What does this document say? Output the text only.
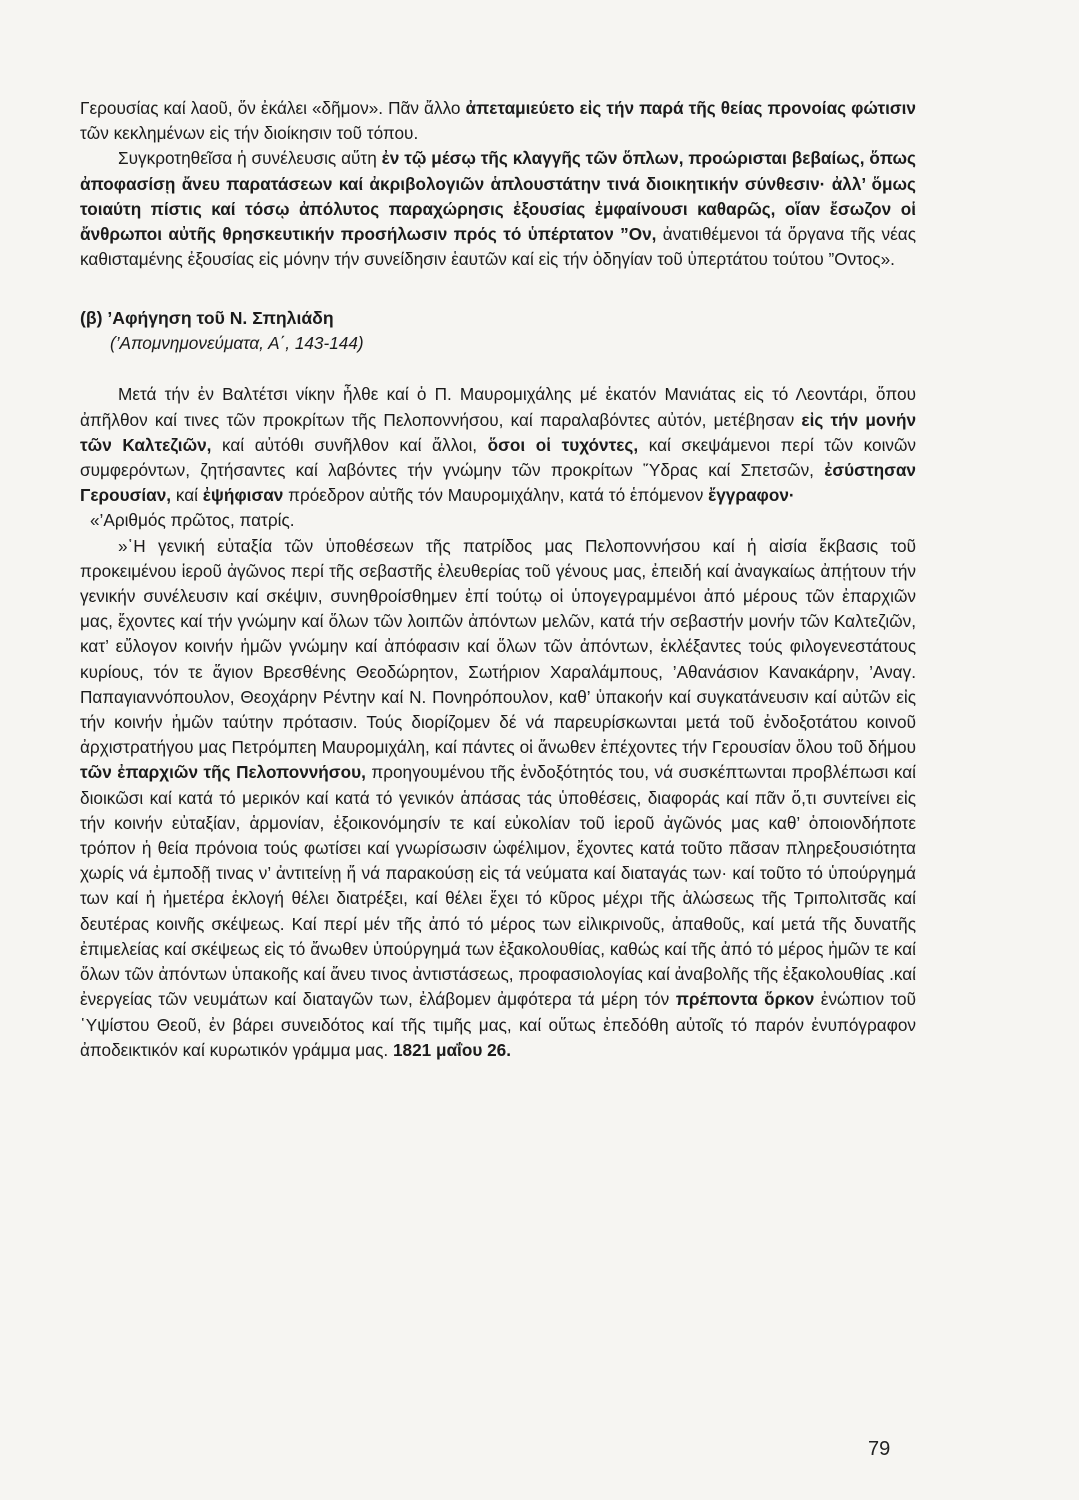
Γερουσίας καί λαοῦ, ὅν ἐκάλει «δῆμον». Πᾶν ἄλλο ἀπεταμιεύετο εἰς τήν παρά τῆς θείας προνοίας φώτισιν τῶν κεκλημένων εἰς τήν διοίκησιν τοῦ τόπου.

Συγκροτηθεῖσα ἡ συνέλευσις αὕτη ἐν τῷ μέσῳ τῆς κλαγγῆς τῶν ὅπλων, προώρισται βεβαίως, ὅπως ἀποφασίσῃ ἄνευ παρατάσεων καί ἀκριβολογιῶν ἁπλουστάτην τινά διοικητικήν σύνθεσιν· ἀλλ’ ὅμως τοιαύτη πίστις καί τόσῳ ἀπόλυτος παραχώρησις ἐξουσίας ἐμφαίνουσι καθαρῶς, οἵαν ἔσωζον οἱ ἄνθρωποι αὐτῆς θρησκευτικήν προσήλωσιν πρός τό ὑπέρτατον ”Ον, ἀνατιθέμενοι τά ὄργανα τῆς νέας καθισταμένης ἐξουσίας εἰς μόνην τήν συνείδησιν ἑαυτῶν καί εἰς τήν ὁδηγίαν τοῦ ὑπερτάτου τούτου ”Οντος».

(β) ’Αφήγηση τοῦ Ν. Σπηλιάδη

(’Απομνημονεύματα, Α΄, 143-144)

Μετά τήν ἐν Βαλτέτσι νίκην ἦλθε καί ὁ Π. Μαυρομιχάλης μέ ἑκατόν Μανιάτας εἰς τό Λεοντάρι, ὅπου ἀπῆλθον καί τινες τῶν προκρίτων τῆς Πελοποννήσου, καί παραλαβόντες αὐτόν, μετέβησαν εἰς τήν μονήν τῶν Καλτεζιῶν, καί αὐτόθι συνῆλθον καί ἄλλοι, ὅσοι οἱ τυχόντες, καί σκεψάμενοι περί τῶν κοινῶν συμφερόντων, ζητήσαντες καί λαβόντες τήν γνώμην τῶν προκρίτων ῞Υδρας καί Σπετσῶν, ἐσύστησαν Γερουσίαν, καί ἐψήφισαν πρόεδρον αὐτῆς τόν Μαυρομιχάλην, κατά τό ἑπόμενον ἔγγραφον·

«’Αριθμός πρῶτος, πατρίς.

»῾Η γενική εὐταξία τῶν ὑποθέσεων τῆς πατρίδος μας Πελοποννήσου καί ἡ αἰσία ἔκβασις τοῦ προκειμένου ἱεροῦ ἀγῶνος περί τῆς σεβαστῆς ἐλευθερίας τοῦ γένους μας, ἐπειδή καί ἀναγκαίως ἀπῄτουν τήν γενικήν συνέλευσιν καί σκέψιν, συνηθροίσθημεν ἐπί τούτῳ οἱ ὑπογεγραμμένοι ἀπό μέρους τῶν ἐπαρχιῶν μας, ἔχοντες καί τήν γνώμην καί ὅλων τῶν λοιπῶν ἀπόντων μελῶν, κατά τήν σεβαστήν μονήν τῶν Καλτεζιῶν, κατ’ εὔλογον κοινήν ἡμῶν γνώμην καί ἀπόφασιν καί ὅλων τῶν ἀπόντων, ἐκλέξαντες τούς φιλογενεστάτους κυρίους, τόν τε ἅγιον Βρεσθένης Θεοδώρητον, Σωτήριον Χαραλάμπους, ’Αθανάσιον Κανακάρην, ’Αναγ. Παπαγιαννόπουλον, Θεοχάρην Ρέντην καί Ν. Πονηρόπουλον, καθ’ ὑπακοήν καί συγκατάνευσιν καί αὐτῶν εἰς τήν κοινήν ἡμῶν ταύτην πρότασιν. Τούς διορίζομεν δέ νά παρευρίσκωνται μετά τοῦ ἐνδοξοτάτου κοινοῦ ἀρχιστρατήγου μας Πετρόμπεη Μαυρομιχάλη, καί πάντες οἱ ἄνωθεν ἐπέχοντες τήν Γερουσίαν ὅλου τοῦ δήμου τῶν ἐπαρχιῶν τῆς Πελοποννήσου, προηγουμένου τῆς ἐνδοξότητός του, νά συσκέπτωνται προβλέπωσι καί διοικῶσι καί κατά τό μερικόν καί κατά τό γενικόν ἁπάσας τάς ὑποθέσεις, διαφοράς καί πᾶν ὅ,τι συντείνει εἰς τήν κοινήν εὐταξίαν, ἁρμονίαν, ἐξοικονόμησίν τε καί εὐκολίαν τοῦ ἱεροῦ ἀγῶνός μας καθ’ ὁποιονδήποτε τρόπον ἡ θεία πρόνοια τούς φωτίσει καί γνωρίσωσιν ὠφέλιμον, ἔχοντες κατά τοῦτο πᾶσαν πληρεξουσιότητα χωρίς νά ἐμποδῇ τινας ν’ ἀντιτείνῃ ἤ νά παρακούσῃ εἰς τά νεύματα καί διαταγάς των· καί τοῦτο τό ὑπούργημά των καί ἡ ἡμετέρα ἐκλογή θέλει διατρέξει, καί θέλει ἔχει τό κῦρος μέχρι τῆς ἁλώσεως τῆς Τριπολιτσᾶς καί δευτέρας κοινῆς σκέψεως. Καί περί μέν τῆς ἀπό τό μέρος των εἰλικρινοῦς, ἀπαθοῦς, καί μετά τῆς δυνατῆς ἐπιμελείας καί σκέψεως εἰς τό ἄνωθεν ὑπούργημά των ἐξακολουθίας, καθώς καί τῆς ἀπό τό μέρος ἡμῶν τε καί ὅλων τῶν ἀπόντων ὑπακοῆς καί ἄνευ τινος ἀντιστάσεως, προφασιολογίας καί ἀναβολῆς τῆς ἐξακολουθίας .καί ἐνεργείας τῶν νευμάτων καί διαταγῶν των, ἐλάβομεν ἀμφότερα τά μέρη τόν πρέποντα ὅρκον ἐνώπιον τοῦ ῾Υψίστου Θεοῦ, ἐν βάρει συνειδότος καί τῆς τιμῆς μας, καί οὕτως ἐπεδόθη αὐτοῖς τό παρόν ἐνυπόγραφον ἀποδεικτικόν καί κυρωτικόν γράμμα μας. 1821 μαΐου 26.

79
